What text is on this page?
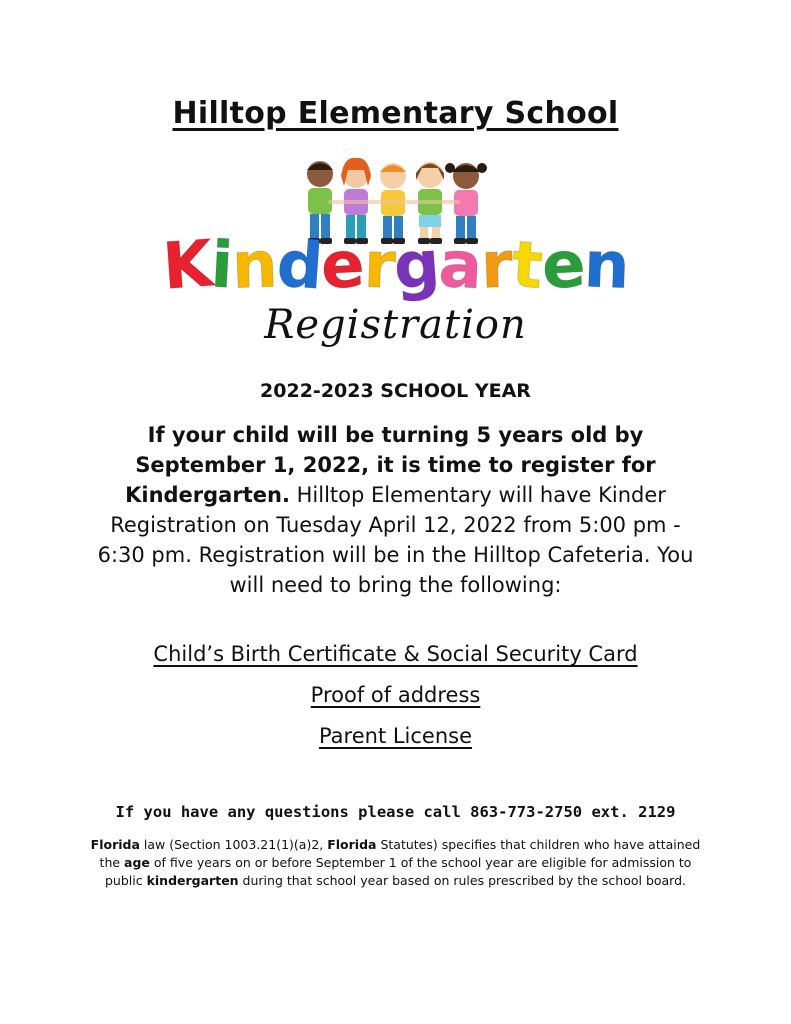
Hilltop Elementary School
Kindergarten
Registration
2022-2023 SCHOOL YEAR
If your child will be turning 5 years old by September 1, 2022, it is time to register for Kindergarten. Hilltop Elementary will have Kinder Registration on Tuesday April 12, 2022 from 5:00 pm - 6:30 pm. Registration will be in the Hilltop Cafeteria. You will need to bring the following:
Child’s Birth Certificate & Social Security Card
Proof of address
Parent License
If you have any questions please call 863-773-2750 ext. 2129
Florida law (Section 1003.21(1)(a)2, Florida Statutes) specifies that children who have attained the age of five years on or before September 1 of the school year are eligible for admission to public kindergarten during that school year based on rules prescribed by the school board.
